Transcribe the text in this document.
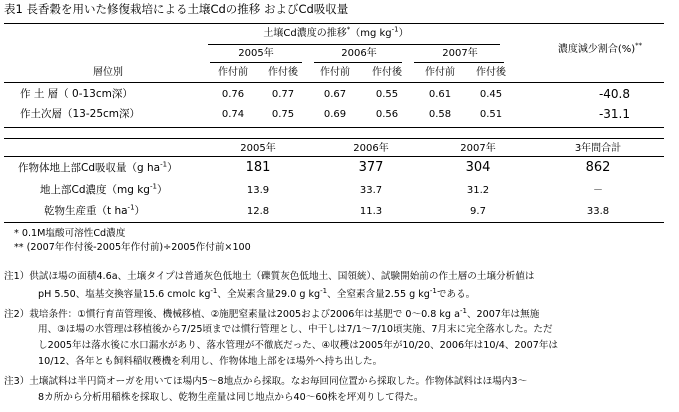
表1 長香穀を用いた修復栽培による土壌Cdの推移 およびCd吸収量
土壌Cd濃度の推移*（mg $kg^{-1}$）
2005年	2006年	2007年	濃度減少割合(%)**
層位別	作付前 作付後 作付前 作付後 作付前 作付後
作 土 層（ 0-13cm深）	0.76	0.77	0.67	0.55	0.61	0.45	-40.8
作土次層（13-25cm深）	0.74	0.75	0.69	0.56	0.58	0.51	-31.1
2005年	2006年	2007年	3年間合計
作物体地上部Cd吸収量（g $ha^{-1}$）	181	377	304	862
地上部Cd濃度（mg $kg^{-1}$）	13.9	33.7	31.2	－
乾物生産重（t $ha^{-1}$）	12.8	11.3	9.7	33.8
* 0.1M塩酸可溶性Cd濃度
** (2007年作付後-2005年作付前)÷2005作付前×100
注1）供試ほ場の面積4.6a、土壌タイプは普通灰色低地土（礫質灰色低地土、国領統）、試験開始前の作土層の土壌分析値は
pH 5.50、塩基交換容量15.6 cmolc $kg^{-1}$、全炭素含量29.0 g $kg^{-1}$、全窒素含量2.55 g $kg^{-1}$である。
注2）栽培条件：①慣行育苗管理後、機械移植、②施肥窒素量は2005および2006年は基肥で 0～0.8 kg $a^{-1}$、2007年は無施
用、③ほ場の水管理は移植後から7/25頃までは慣行管理とし、中干しは7/1～7/10頃実施、7月末に完全落水した。ただ
し2005年は落水後に水口漏水があり、落水管理が不徹底だった、④収穫は2005年が10/20、2006年は10/4、2007年は
10/12、各年とも飼料稲収穫機を利用し、作物体地上部をほ場外へ持ち出した。
注3）土壌試料は半円筒オーガを用いてほ場内5～8地点から採取。なお毎回同位置から採取した。作物体試料はほ場内3～
8カ所から分析用稲株を採取し、乾物生産量は同じ地点から40～60株を坪刈りして得た。
